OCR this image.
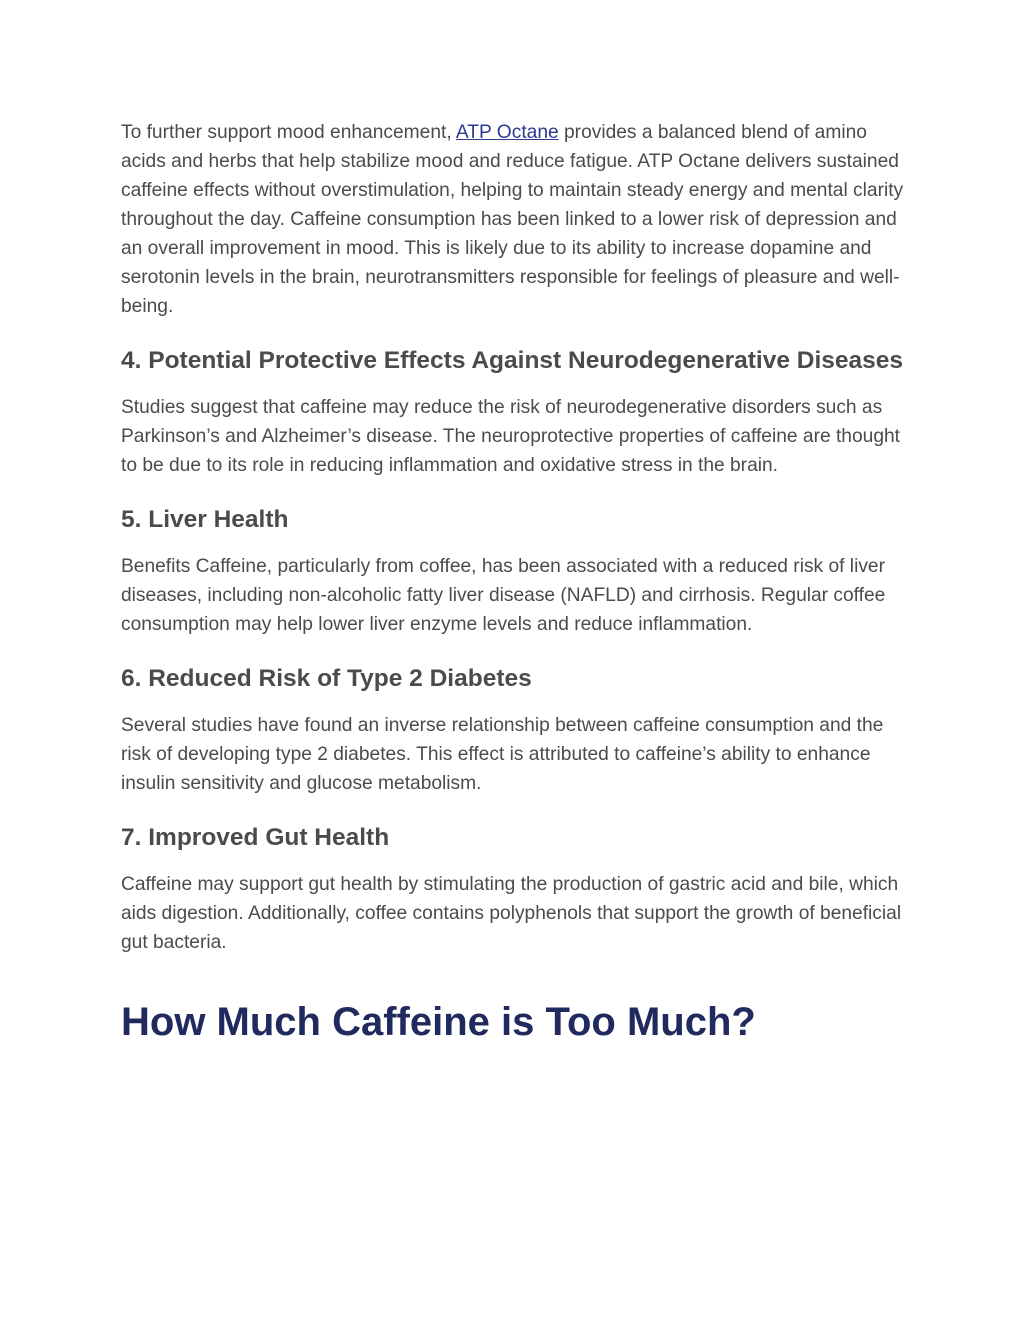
To further support mood enhancement, ATP Octane provides a balanced blend of amino acids and herbs that help stabilize mood and reduce fatigue. ATP Octane delivers sustained caffeine effects without overstimulation, helping to maintain steady energy and mental clarity throughout the day. Caffeine consumption has been linked to a lower risk of depression and an overall improvement in mood. This is likely due to its ability to increase dopamine and serotonin levels in the brain, neurotransmitters responsible for feelings of pleasure and well-being.

4. Potential Protective Effects Against Neurodegenerative Diseases

Studies suggest that caffeine may reduce the risk of neurodegenerative disorders such as Parkinson’s and Alzheimer’s disease. The neuroprotective properties of caffeine are thought to be due to its role in reducing inflammation and oxidative stress in the brain.

5. Liver Health

Benefits Caffeine, particularly from coffee, has been associated with a reduced risk of liver diseases, including non-alcoholic fatty liver disease (NAFLD) and cirrhosis. Regular coffee consumption may help lower liver enzyme levels and reduce inflammation.

6. Reduced Risk of Type 2 Diabetes

Several studies have found an inverse relationship between caffeine consumption and the risk of developing type 2 diabetes. This effect is attributed to caffeine’s ability to enhance insulin sensitivity and glucose metabolism.

7. Improved Gut Health

Caffeine may support gut health by stimulating the production of gastric acid and bile, which aids digestion. Additionally, coffee contains polyphenols that support the growth of beneficial gut bacteria.

How Much Caffeine is Too Much?
